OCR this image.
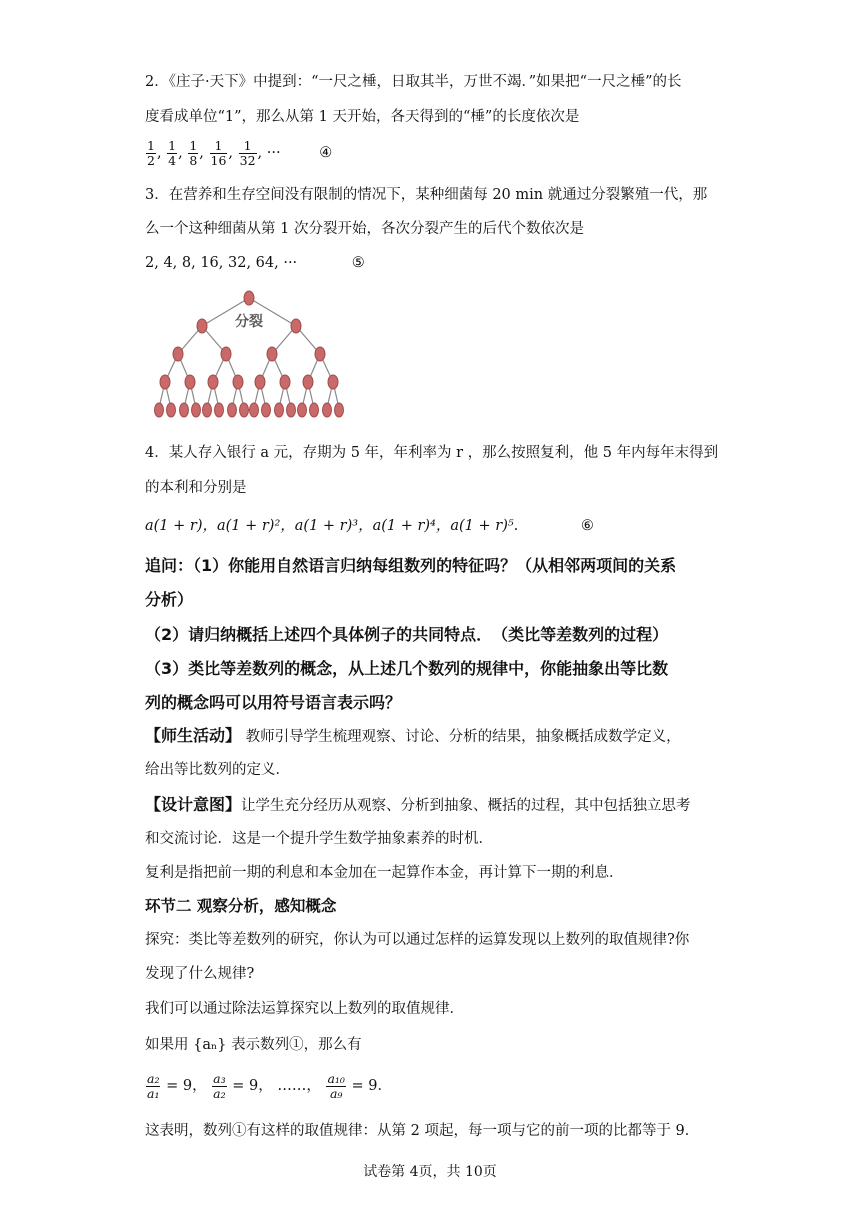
2．《庄子·天下》中提到：“一尺之棰，日取其半，万世不竭．”如果把“一尺之棰”的长
度看成单位“1”，那么从第 1 天开始，各天得到的“棰”的长度依次是
$\frac{1}{2}$ , $\frac{1}{4}$ , $\frac{1}{8}$ , $\frac{1}{16}$ , $\frac{1}{32}$ , ··· ④
3．在营养和生存空间没有限制的情况下，某种细菌每 20 min 就通过分裂繁殖一代，那
么一个这种细菌从第 1 次分裂开始，各次分裂产生的后代个数依次是
2, 4, 8, 16, 32, 64, ···	⑤
分裂
4．某人存入银行 a 元，存期为 5 年，年利率为 r ，那么按照复利，他 5 年内每年末得到
的本利和分别是
a(1 + r)，a(1 + r)²，a(1 + r)³，a(1 + r)⁴，a(1 + r)⁵.	⑥
追问：（1）你能用自然语言归纳每组数列的特征吗？（从相邻两项间的关系
分析）
（2）请归纳概括上述四个具体例子的共同特点．　（类比等差数列的过程）
（3）类比等差数列的概念，从上述几个数列的规律中，你能抽象出等比数
列的概念吗可以用符号语言表示吗？
【师生活动】 教师引导学生梳理观察、讨论、分析的结果，抽象概括成数学定义，
给出等比数列的定义．
【设计意图】让学生充分经历从观察、分析到抽象、概括的过程，其中包括独立思考
和交流讨论．这是一个提升学生数学抽象素养的时机．
复利是指把前一期的利息和本金加在一起算作本金，再计算下一期的利息．
环节二 观察分析，感知概念
探究：类比等差数列的研究，你认为可以通过怎样的运算发现以上数列的取值规律?你
发现了什么规律?
我们可以通过除法运算探究以上数列的取值规律．
如果用 {aₙ} 表示数列①，那么有
$\frac{\text{a₂}}{\text{a₁}} = 9$， $\frac{\text{a₃}}{\text{a₂}} = 9$， ……， $\frac{\text{a₁₀}}{\text{a₉}} = 9$．
这表明，数列①有这样的取值规律：从第 2 项起，每一项与它的前一项的比都等于 9．
试卷第 4页，共 10页
